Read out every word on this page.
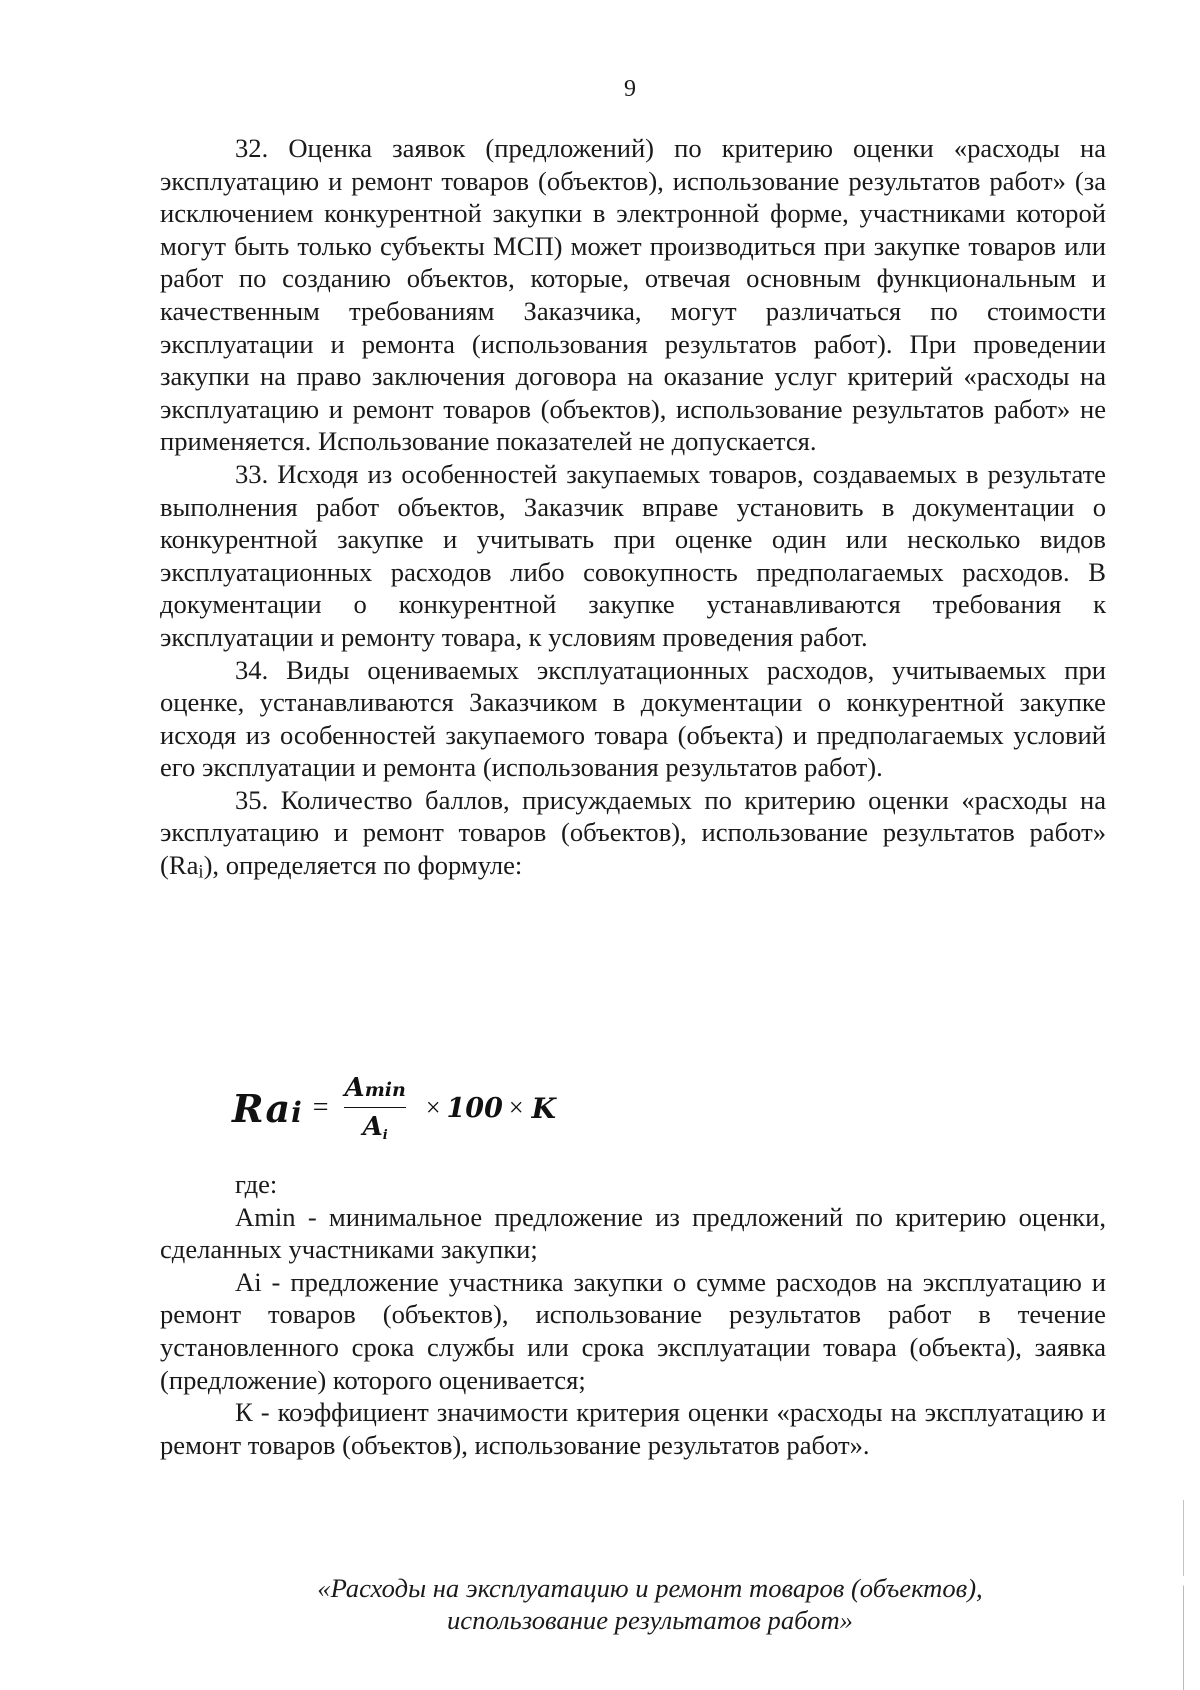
9

32. Оценка заявок (предложений) по критерию оценки «расходы на эксплуатацию и ремонт товаров (объектов), использование результатов работ» (за исключением конкурентной закупки в электронной форме, участниками которой могут быть только субъекты МСП) может производиться при закупке товаров или работ по созданию объектов, которые, отвечая основным функциональным и качественным требованиям Заказчика, могут различаться по стоимости эксплуатации и ремонта (использования результатов работ). При проведении закупки на право заключения договора на оказание услуг критерий «расходы на эксплуатацию и ремонт товаров (объектов), использование результатов работ» не применяется. Использование показателей не допускается.

33. Исходя из особенностей закупаемых товаров, создаваемых в результате выполнения работ объектов, Заказчик вправе установить в документации о конкурентной закупке и учитывать при оценке один или несколько видов эксплуатационных расходов либо совокупность предполагаемых расходов. В документации о конкурентной закупке устанавливаются требования к эксплуатации и ремонту товара, к условиям проведения работ.

34. Виды оцениваемых эксплуатационных расходов, учитываемых при оценке, устанавливаются Заказчиком в документации о конкурентной закупке исходя из особенностей закупаемого товара (объекта) и предполагаемых условий его эксплуатации и ремонта (использования результатов работ).

35. Количество баллов, присуждаемых по критерию оценки «расходы на эксплуатацию и ремонт товаров (объектов), использование результатов работ» $(Ra_i)$, определяется по формуле:

Rai = $\frac{Amin}{Ai} \times 100 \times K$

где:

Amin - минимальное предложение из предложений по критерию оценки, сделанных участниками закупки;

Ai - предложение участника закупки о сумме расходов на эксплуатацию и ремонт товаров (объектов), использование результатов работ в течение установленного срока службы или срока эксплуатации товара (объекта), заявка (предложение) которого оценивается;

К - коэффициент значимости критерия оценки «расходы на эксплуатацию и ремонт товаров (объектов), использование результатов работ».

«Расходы на эксплуатацию и ремонт товаров (объектов),
использование результатов работ»
